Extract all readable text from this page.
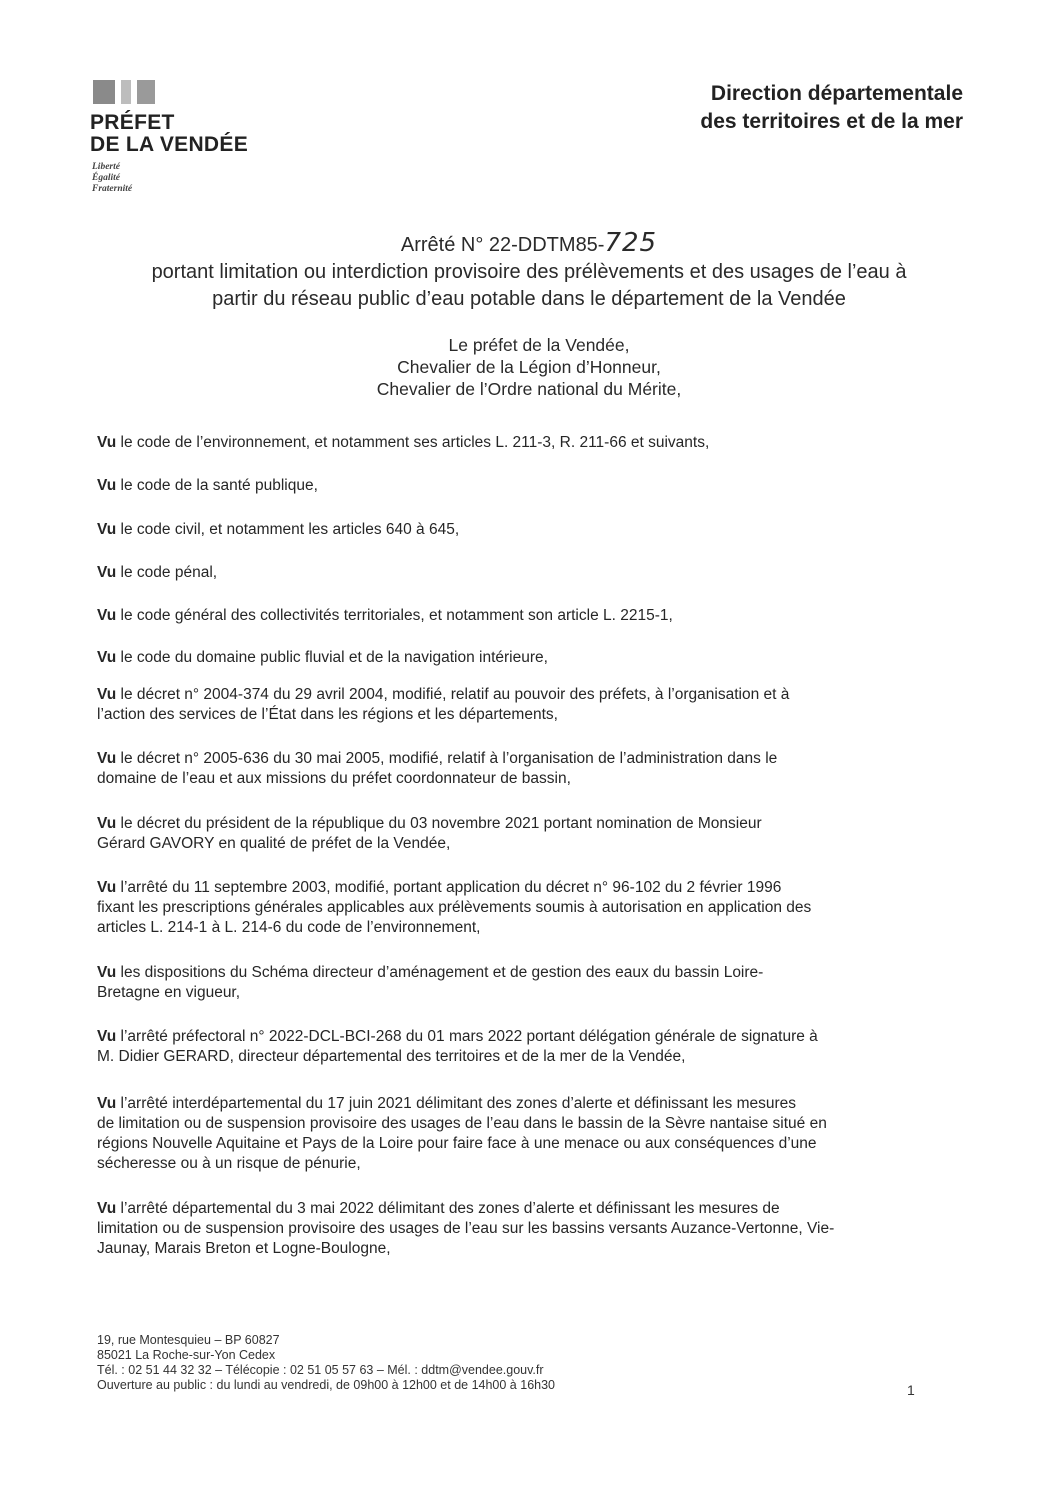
PRÉFET
DE LA VENDÉE
Liberté
Égalité
Fraternité
Direction départementale
des territoires et de la mer
Arrêté N° 22-DDTM85-725
portant limitation ou interdiction provisoire des prélèvements et des usages de l’eau à
partir du réseau public d’eau potable dans le département de la Vendée
Le préfet de la Vendée,
Chevalier de la Légion d’Honneur,
Chevalier de l’Ordre national du Mérite,
Vu le code de l’environnement, et notamment ses articles L. 211-3, R. 211-66 et suivants,
Vu le code de la santé publique,
Vu le code civil, et notamment les articles 640 à 645,
Vu le code pénal,
Vu le code général des collectivités territoriales, et notamment son article L. 2215-1,
Vu le code du domaine public fluvial et de la navigation intérieure,
Vu le décret n° 2004-374 du 29 avril 2004, modifié, relatif au pouvoir des préfets, à l’organisation et à
l’action des services de l’État dans les régions et les départements,
Vu le décret n° 2005-636 du 30 mai 2005, modifié, relatif à l’organisation de l’administration dans le
domaine de l’eau et aux missions du préfet coordonnateur de bassin,
Vu le décret du président de la république du 03 novembre 2021 portant nomination de Monsieur
Gérard GAVORY en qualité de préfet de la Vendée,
Vu l’arrêté du 11 septembre 2003, modifié, portant application du décret n° 96-102 du 2 février 1996
fixant les prescriptions générales applicables aux prélèvements soumis à autorisation en application des
articles L. 214-1 à L. 214-6 du code de l’environnement,
Vu les dispositions du Schéma directeur d’aménagement et de gestion des eaux du bassin Loire-
Bretagne en vigueur,
Vu l’arrêté préfectoral n° 2022-DCL-BCI-268 du 01 mars 2022 portant délégation générale de signature à
M. Didier GERARD, directeur départemental des territoires et de la mer de la Vendée,
Vu l’arrêté interdépartemental du 17 juin 2021 délimitant des zones d’alerte et définissant les mesures
de limitation ou de suspension provisoire des usages de l’eau dans le bassin de la Sèvre nantaise situé en
régions Nouvelle Aquitaine et Pays de la Loire pour faire face à une menace ou aux conséquences d’une
sécheresse ou à un risque de pénurie,
Vu l’arrêté départemental du 3 mai 2022 délimitant des zones d’alerte et définissant les mesures de
limitation ou de suspension provisoire des usages de l’eau sur les bassins versants Auzance-Vertonne, Vie-
Jaunay, Marais Breton et Logne-Boulogne,
19, rue Montesquieu – BP 60827
85021 La Roche-sur-Yon Cedex
Tél. : 02 51 44 32 32 – Télécopie : 02 51 05 57 63 – Mél. : ddtm@vendee.gouv.fr
Ouverture au public : du lundi au vendredi, de 09h00 à 12h00 et de 14h00 à 16h30	1
